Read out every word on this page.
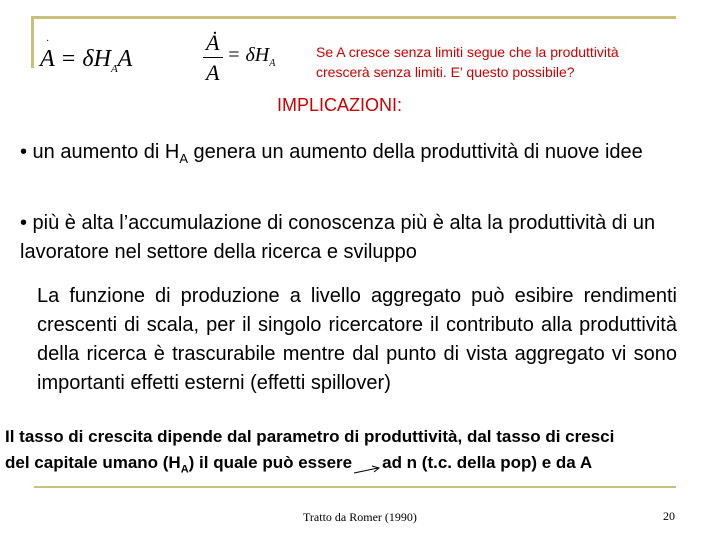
·
$A = \delta H_AA$
Ȧ
A
= $\delta H_A$
Se A cresce senza limiti segue che la produttività
crescerà senza limiti. E’ questo possibile?
IMPLICAZIONI:
• un aumento di $H_A$ genera un aumento della produttività di nuove idee
• più è alta l’accumulazione di conoscenza più è alta la produttività di un lavoratore nel settore della ricerca e sviluppo
La funzione di produzione a livello aggregato può esibire rendimenti crescenti di scala, per il singolo ricercatore il contributo alla produttività della ricerca è trascurabile mentre dal punto di vista aggregato vi sono importanti effetti esterni (effetti spillover)
Il tasso di crescita dipende dal parametro di produttività, dal tasso di cresci
del capitale umano $(H_A)$ il quale può essere ad n (t.c. della pop) e da A
Tratto da Romer (1990)	20
